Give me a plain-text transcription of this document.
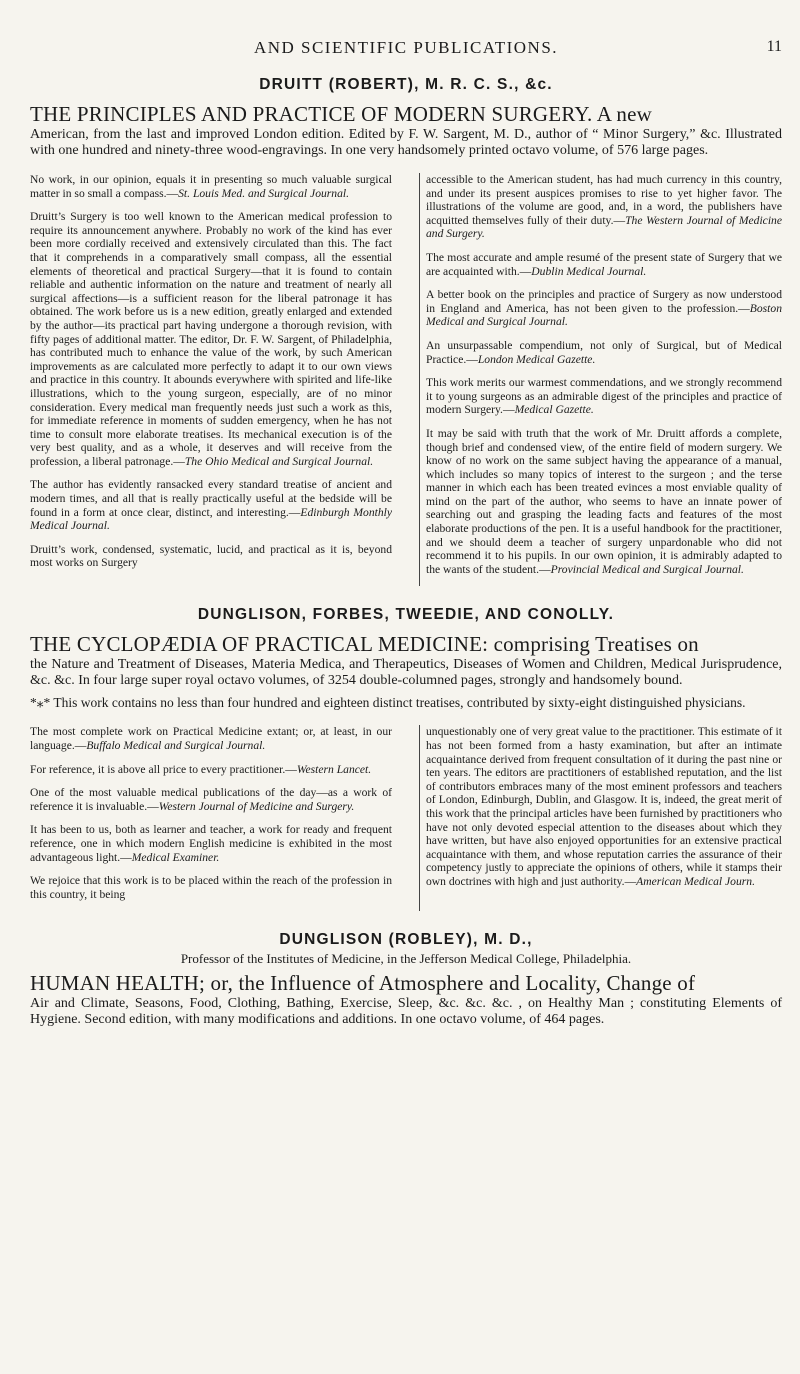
AND SCIENTIFIC PUBLICATIONS.	11
DRUITT (ROBERT), M. R. C. S., &c.
THE PRINCIPLES AND PRACTICE OF MODERN SURGERY. A new
American, from the last and improved London edition. Edited by F. W. Sargent, M. D., author of “ Minor Surgery,” &c. Illustrated with one hundred and ninety-three wood-engravings. In one very handsomely printed octavo volume, of 576 large pages.

No work, in our opinion, equals it in presenting so much valuable surgical matter in so small a compass.—St. Louis Med. and Surgical Journal.

Druitt’s Surgery is too well known to the American medical profession to require its announcement anywhere. Probably no work of the kind has ever been more cordially received and extensively circulated than this. The fact that it comprehends in a comparatively small compass, all the essential elements of theoretical and practical Surgery—that it is found to contain reliable and authentic information on the nature and treatment of nearly all surgical affections—is a sufficient reason for the liberal patronage it has obtained. The work before us is a new edition, greatly enlarged and extended by the author—its practical part having undergone a thorough revision, with fifty pages of additional matter. The editor, Dr. F. W. Sargent, of Philadelphia, has contributed much to enhance the value of the work, by such American improvements as are calculated more perfectly to adapt it to our own views and practice in this country. It abounds everywhere with spirited and life-like illustrations, which to the young surgeon, especially, are of no minor consideration. Every medical man frequently needs just such a work as this, for immediate reference in moments of sudden emergency, when he has not time to consult more elaborate treatises. Its mechanical execution is of the very best quality, and as a whole, it deserves and will receive from the profession, a liberal patronage.—The Ohio Medical and Surgical Journal.

The author has evidently ransacked every standard treatise of ancient and modern times, and all that is really practically useful at the bedside will be found in a form at once clear, distinct, and interesting.—Edinburgh Monthly Medical Journal.

Druitt’s work, condensed, systematic, lucid, and practical as it is, beyond most works on Surgery

accessible to the American student, has had much currency in this country, and under its present auspices promises to rise to yet higher favor. The illustrations of the volume are good, and, in a word, the publishers have acquitted themselves fully of their duty.—The Western Journal of Medicine and Surgery.

The most accurate and ample resumé of the present state of Surgery that we are acquainted with.—Dublin Medical Journal.

A better book on the principles and practice of Surgery as now understood in England and America, has not been given to the profession.—Boston Medical and Surgical Journal.

An unsurpassable compendium, not only of Surgical, but of Medical Practice.—London Medical Gazette.

This work merits our warmest commendations, and we strongly recommend it to young surgeons as an admirable digest of the principles and practice of modern Surgery.—Medical Gazette.

It may be said with truth that the work of Mr. Druitt affords a complete, though brief and condensed view, of the entire field of modern surgery. We know of no work on the same subject having the appearance of a manual, which includes so many topics of interest to the surgeon ; and the terse manner in which each has been treated evinces a most enviable quality of mind on the part of the author, who seems to have an innate power of searching out and grasping the leading facts and features of the most elaborate productions of the pen. It is a useful handbook for the practitioner, and we should deem a teacher of surgery unpardonable who did not recommend it to his pupils. In our own opinion, it is admirably adapted to the wants of the student.—Provincial Medical and Surgical Journal.

DUNGLISON, FORBES, TWEEDIE, AND CONOLLY.
THE CYCLOPÆDIA OF PRACTICAL MEDICINE: comprising Treatises on
the Nature and Treatment of Diseases, Materia Medica, and Therapeutics, Diseases of Women and Children, Medical Jurisprudence, &c. &c. In four large super royal octavo volumes, of 3254 double-columned pages, strongly and handsomely bound.
*⁎* This work contains no less than four hundred and eighteen distinct treatises, contributed by sixty-eight distinguished physicians.

The most complete work on Practical Medicine extant; or, at least, in our language.—Buffalo Medical and Surgical Journal.

For reference, it is above all price to every practitioner.—Western Lancet.

One of the most valuable medical publications of the day—as a work of reference it is invaluable.—Western Journal of Medicine and Surgery.

It has been to us, both as learner and teacher, a work for ready and frequent reference, one in which modern English medicine is exhibited in the most advantageous light.—Medical Examiner.

We rejoice that this work is to be placed within the reach of the profession in this country, it being

unquestionably one of very great value to the practitioner. This estimate of it has not been formed from a hasty examination, but after an intimate acquaintance derived from frequent consultation of it during the past nine or ten years. The editors are practitioners of established reputation, and the list of contributors embraces many of the most eminent professors and teachers of London, Edinburgh, Dublin, and Glasgow. It is, indeed, the great merit of this work that the principal articles have been furnished by practitioners who have not only devoted especial attention to the diseases about which they have written, but have also enjoyed opportunities for an extensive practical acquaintance with them, and whose reputation carries the assurance of their competency justly to appreciate the opinions of others, while it stamps their own doctrines with high and just authority.—American Medical Journ.

DUNGLISON (ROBLEY), M. D.,
Professor of the Institutes of Medicine, in the Jefferson Medical College, Philadelphia.
HUMAN HEALTH; or, the Influence of Atmosphere and Locality, Change of
Air and Climate, Seasons, Food, Clothing, Bathing, Exercise, Sleep, &c. &c. &c. , on Healthy Man ; constituting Elements of Hygiene. Second edition, with many modifications and additions. In one octavo volume, of 464 pages.
